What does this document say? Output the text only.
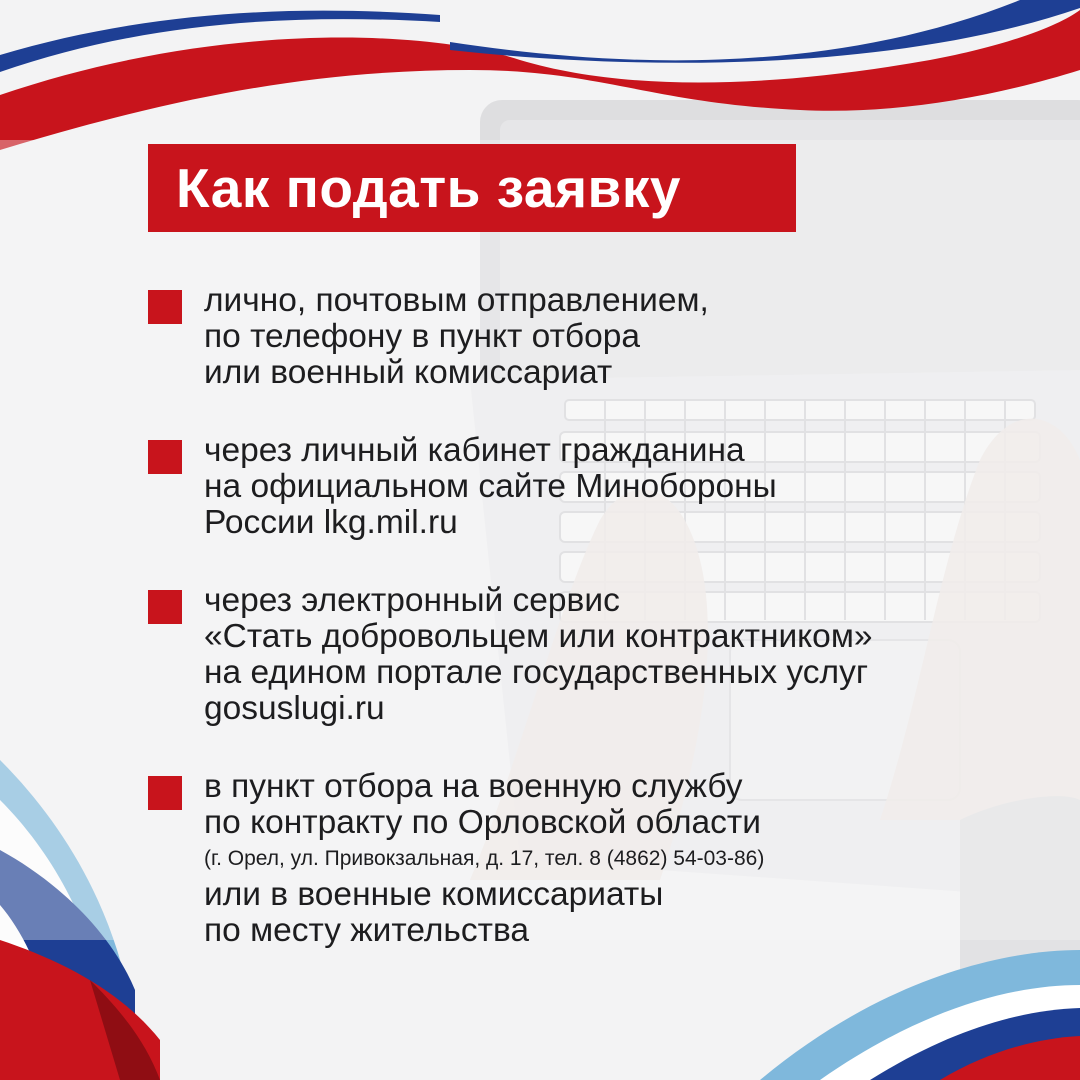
Как подать заявку
лично, почтовым отправлением,
по телефону в пункт отбора
или военный комиссариат
через личный кабинет гражданина
на официальном сайте Минобороны
России lkg.mil.ru
через электронный сервис
«Стать добровольцем или контрактником»
на едином портале государственных услуг
gosuslugi.ru
в пункт отбора на военную службу
по контракту по Орловской области
(г. Орел, ул. Привокзальная, д. 17, тел. 8 (4862) 54-03-86)
или в военные комиссариаты
по месту жительства
